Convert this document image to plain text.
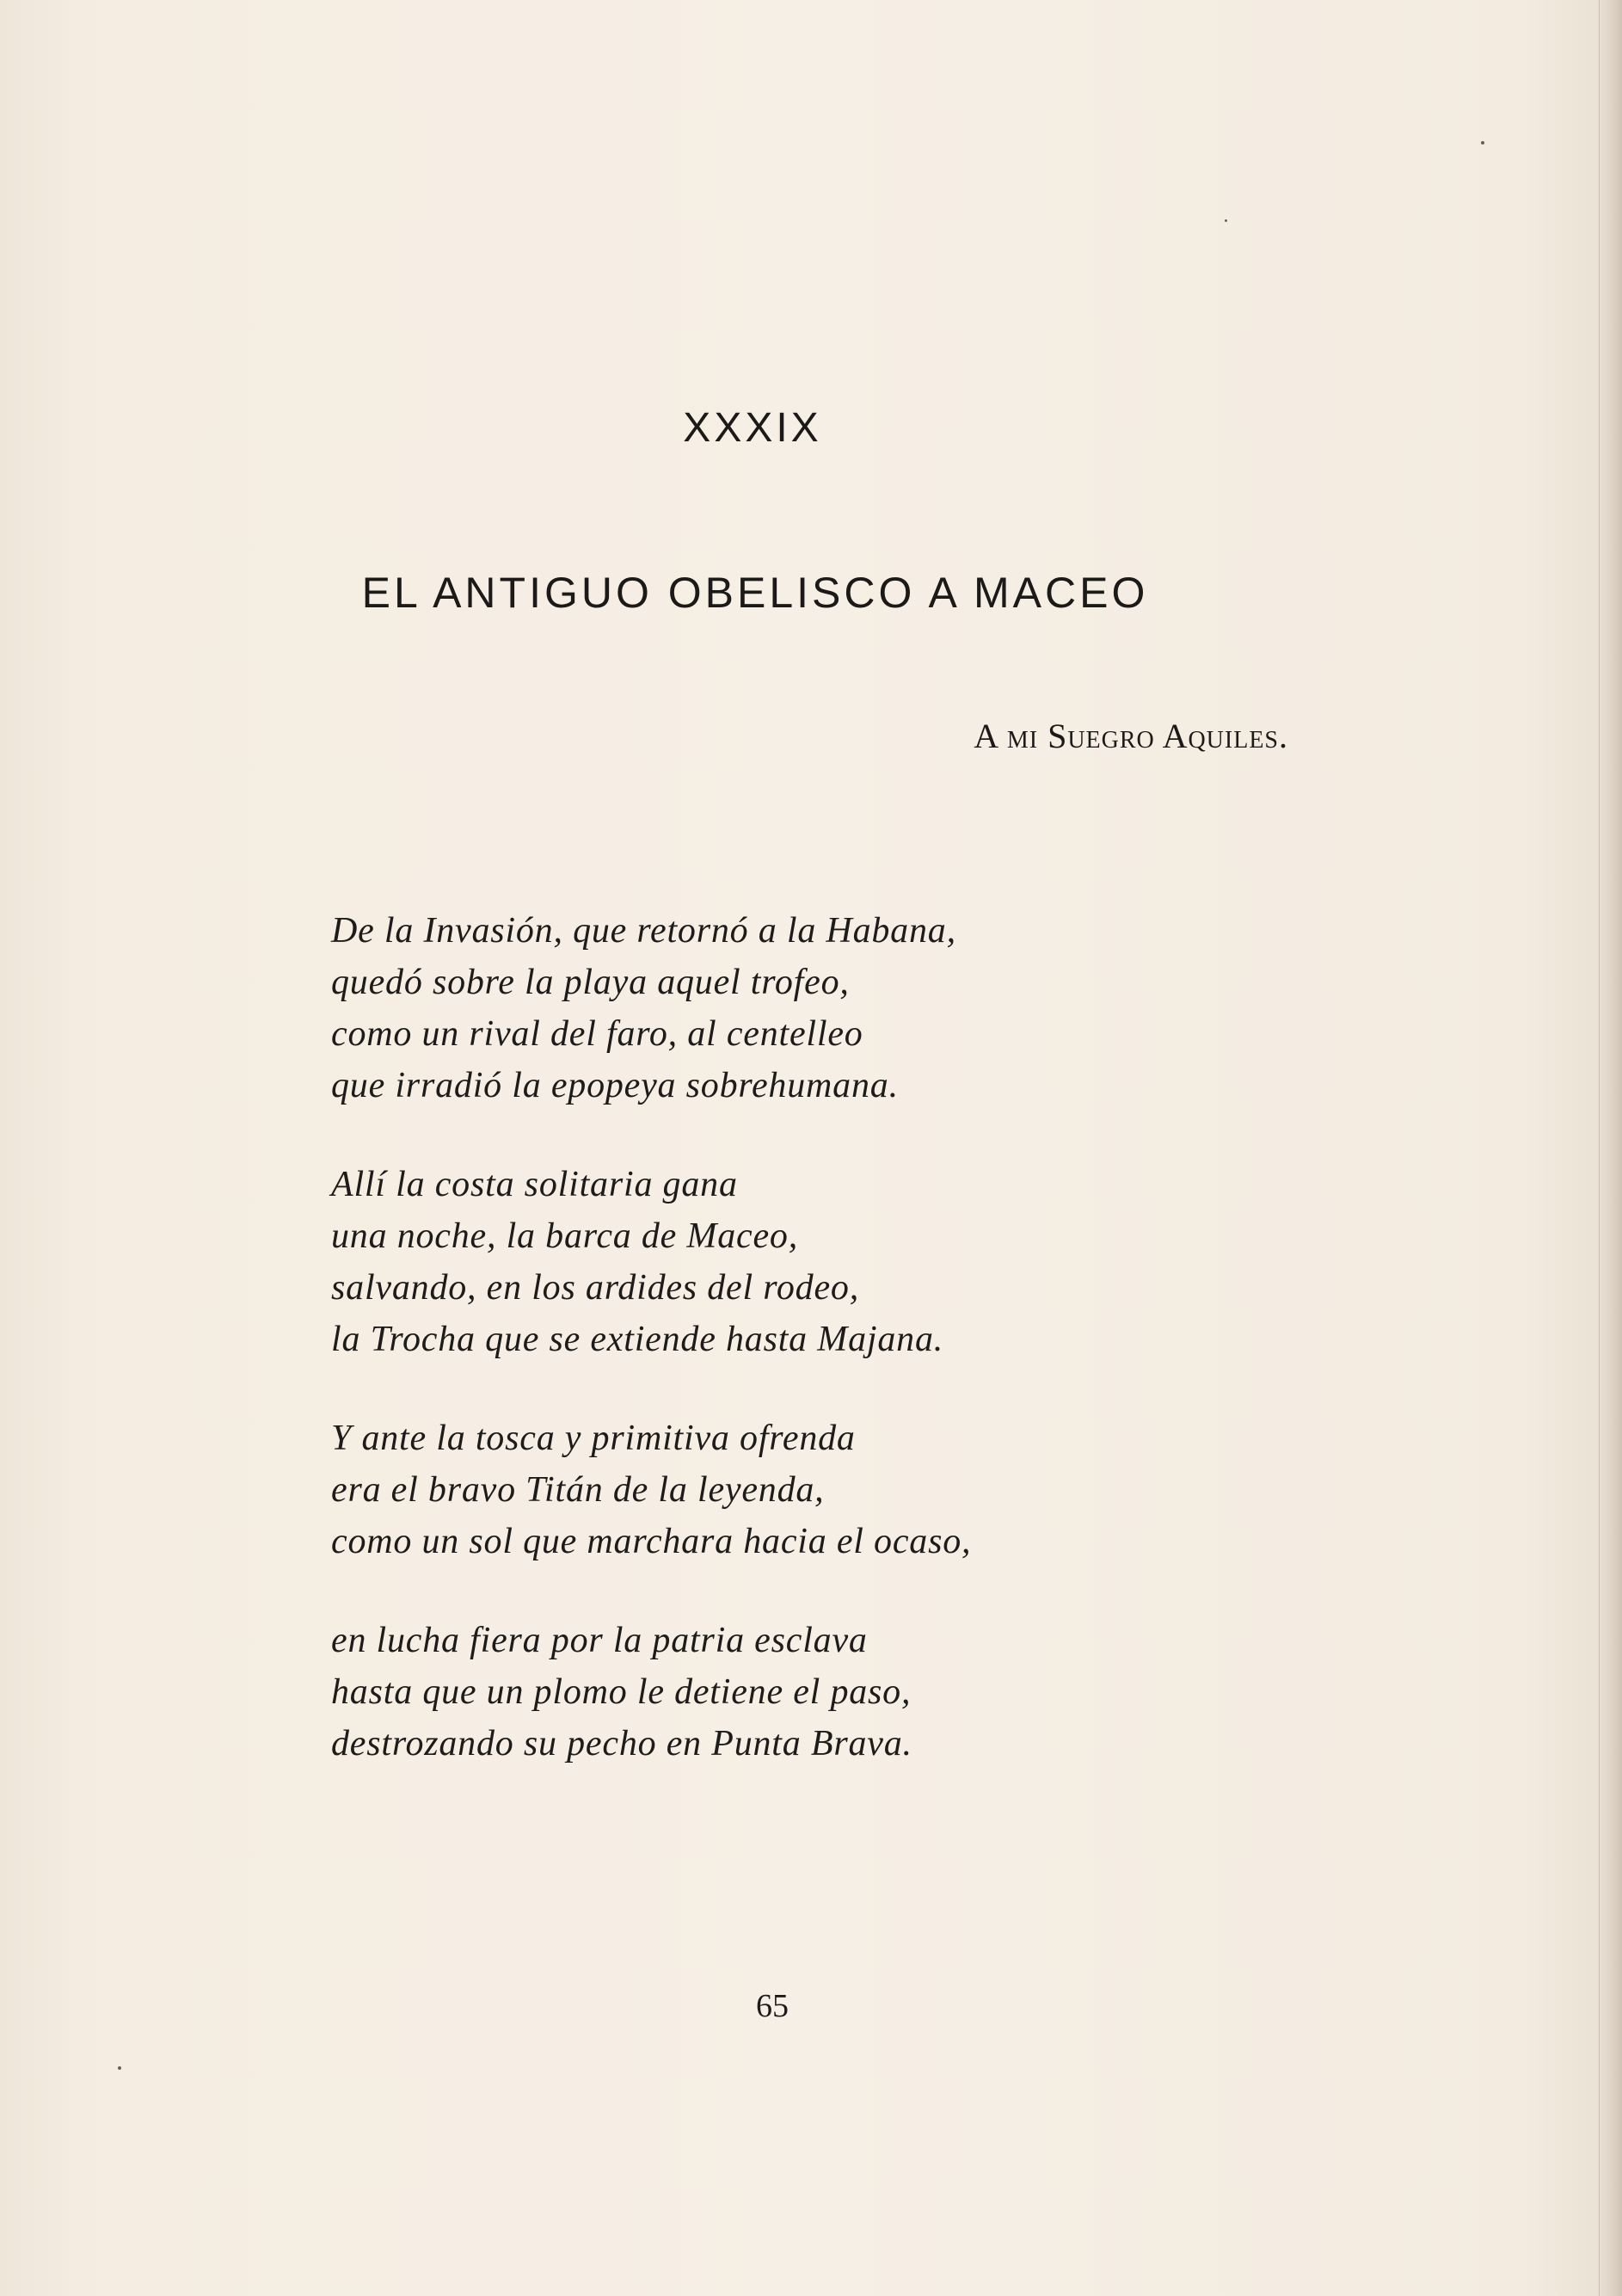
XXXIX
EL ANTIGUO OBELISCO A MACEO
A mi Suegro Aquiles.
De la Invasión, que retornó a la Habana,
quedó sobre la playa aquel trofeo,
como un rival del faro, al centelleo
que irradió la epopeya sobrehumana.
Allí la costa solitaria gana
una noche, la barca de Maceo,
salvando, en los ardides del rodeo,
la Trocha que se extiende hasta Majana.
Y ante la tosca y primitiva ofrenda
era el bravo Titán de la leyenda,
como un sol que marchara hacia el ocaso,
en lucha fiera por la patria esclava
hasta que un plomo le detiene el paso,
destrozando su pecho en Punta Brava.
65
